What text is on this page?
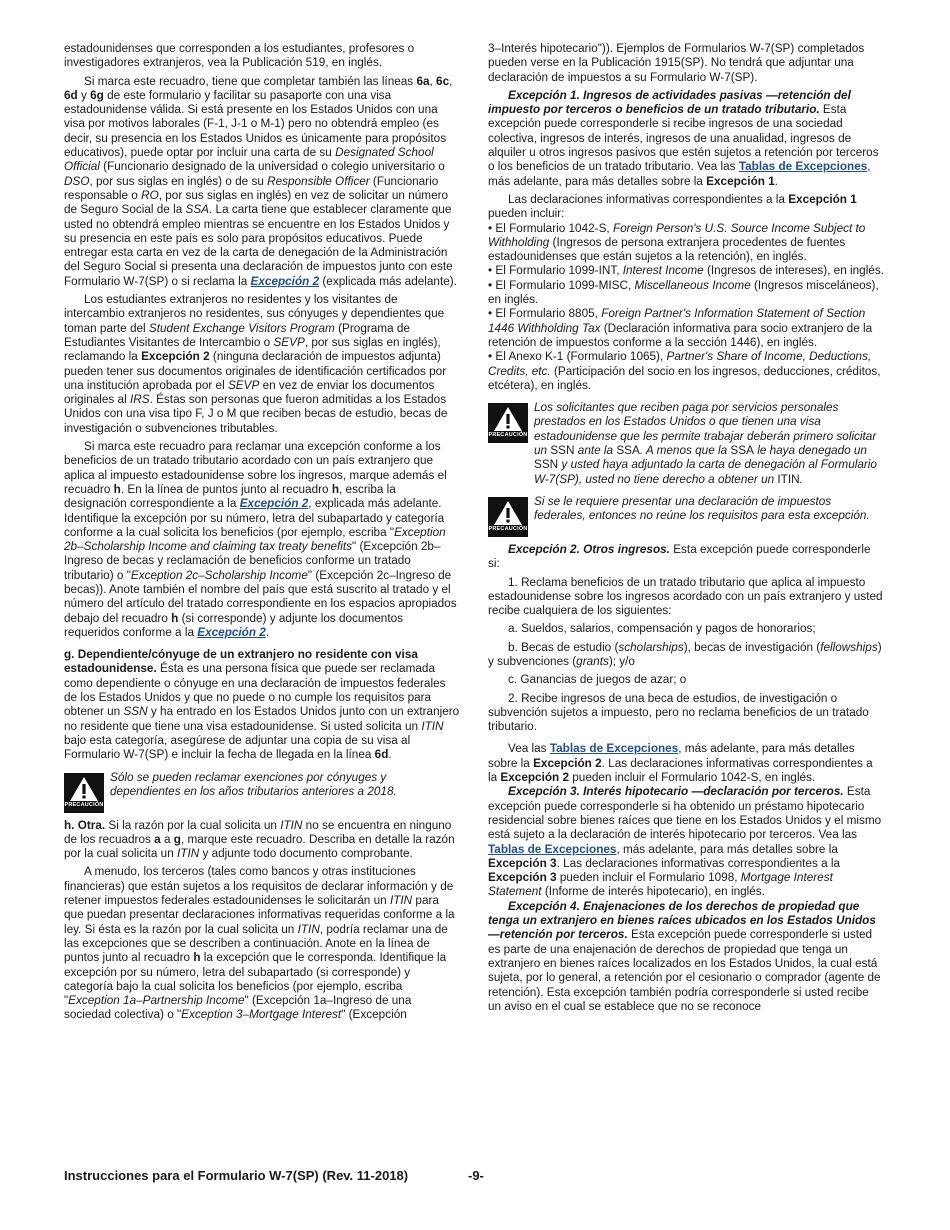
estadounidenses que corresponden a los estudiantes, profesores o investigadores extranjeros, vea la Publicación 519, en inglés.

Si marca este recuadro, tiene que completar también las líneas 6a, 6c, 6d y 6g de este formulario y facilitar su pasaporte con una visa estadounidense válida. Si está presente en los Estados Unidos con una visa por motivos laborales (F-1, J-1 o M-1) pero no obtendrá empleo (es decir, su presencia en los Estados Unidos es únicamente para propósitos educativos), puede optar por incluir una carta de su Designated School Official (Funcionario designado de la universidad o colegio universitario o DSO, por sus siglas en inglés) o de su Responsible Officer (Funcionario responsable o RO, por sus siglas en inglés) en vez de solicitar un número de Seguro Social de la SSA. La carta tiene que establecer claramente que usted no obtendrá empleo mientras se encuentre en los Estados Unidos y su presencia en este país es solo para propósitos educativos. Puede entregar esta carta en vez de la carta de denegación de la Administración del Seguro Social si presenta una declaración de impuestos junto con este Formulario W-7(SP) o si reclama la Excepción 2 (explicada más adelante).

Los estudiantes extranjeros no residentes y los visitantes de intercambio extranjeros no residentes, sus cónyuges y dependientes que toman parte del Student Exchange Visitors Program (Programa de Estudiantes Visitantes de Intercambio o SEVP, por sus siglas en inglés), reclamando la Excepción 2 (ninguna declaración de impuestos adjunta) pueden tener sus documentos originales de identificación certificados por una institución aprobada por el SEVP en vez de enviar los documentos originales al IRS. Éstas son personas que fueron admitidas a los Estados Unidos con una visa tipo F, J o M que reciben becas de estudio, becas de investigación o subvenciones tributables.

Si marca este recuadro para reclamar una excepción conforme a los beneficios de un tratado tributario acordado con un país extranjero que aplica al impuesto estadounidense sobre los ingresos, marque además el recuadro h. En la línea de puntos junto al recuadro h, escriba la designación correspondiente a la Excepción 2, explicada más adelante. Identifique la excepción por su número, letra del subapartado y categoría conforme a la cual solicita los beneficios (por ejemplo, escriba "Exception 2b–Scholarship Income and claiming tax treaty benefits" (Excepción 2b–Ingreso de becas y reclamación de beneficios conforme un tratado tributario) o "Exception 2c–Scholarship Income" (Excepción 2c–Ingreso de becas)). Anote también el nombre del país que está suscrito al tratado y el número del artículo del tratado correspondiente en los espacios apropiados debajo del recuadro h (si corresponde) y adjunte los documentos requeridos conforme a la Excepción 2.

g. Dependiente/cónyuge de un extranjero no residente con visa estadounidense. Ésta es una persona física que puede ser reclamada como dependiente o cónyuge en una declaración de impuestos federales de los Estados Unidos y que no puede o no cumple los requisitos para obtener un SSN y ha entrado en los Estados Unidos junto con un extranjero no residente que tiene una visa estadounidense. Si usted solicita un ITIN bajo esta categoría, asegúrese de adjuntar una copia de su visa al Formulario W-7(SP) e incluir la fecha de llegada en la línea 6d.

PRECAUCIÓN

Sólo se pueden reclamar exenciones por cónyuges y dependientes en los años tributarios anteriores a 2018.

h. Otra. Si la razón por la cual solicita un ITIN no se encuentra en ninguno de los recuadros a a g, marque este recuadro. Describa en detalle la razón por la cual solicita un ITIN y adjunte todo documento comprobante.

A menudo, los terceros (tales como bancos y otras instituciones financieras) que están sujetos a los requisitos de declarar información y de retener impuestos federales estadounidenses le solicitarán un ITIN para que puedan presentar declaraciones informativas requeridas conforme a la ley. Si ésta es la razón por la cual solicita un ITIN, podría reclamar una de las excepciones que se describen a continuación. Anote en la línea de puntos junto al recuadro h la excepción que le corresponda. Identifique la excepción por su número, letra del subapartado (si corresponde) y categoría bajo la cual solicita los beneficios (por ejemplo, escriba "Exception 1a–Partnership Income" (Excepción 1a–Ingreso de una sociedad colectiva) o "Exception 3–Mortgage Interest" (Excepción

3–Interés hipotecario")). Ejemplos de Formularios W-7(SP) completados pueden verse en la Publicación 1915(SP). No tendrá que adjuntar una declaración de impuestos a su Formulario W-7(SP).

Excepción 1. Ingresos de actividades pasivas —retención del impuesto por terceros o beneficios de un tratado tributario. Esta excepción puede corresponderle si recibe ingresos de una sociedad colectiva, ingresos de interés, ingresos de una anualidad, ingresos de alquiler u otros ingresos pasivos que estén sujetos a retención por terceros o los beneficios de un tratado tributario. Vea las Tablas de Excepciones, más adelante, para más detalles sobre la Excepción 1.

Las declaraciones informativas correspondientes a la Excepción 1 pueden incluir:

• El Formulario 1042-S, Foreign Person's U.S. Source Income Subject to Withholding (Ingresos de persona extranjera procedentes de fuentes estadounidenses que están sujetos a la retención), en inglés.

• El Formulario 1099-INT, Interest Income (Ingresos de intereses), en inglés.

• El Formulario 1099-MISC, Miscellaneous Income (Ingresos misceláneos), en inglés.

• El Formulario 8805, Foreign Partner's Information Statement of Section 1446 Withholding Tax (Declaración informativa para socio extranjero de la retención de impuestos conforme a la sección 1446), en inglés.

• El Anexo K-1 (Formulario 1065), Partner's Share of Income, Deductions, Credits, etc. (Participación del socio en los ingresos, deducciones, créditos, etcétera), en inglés.

PRECAUCIÓN

Los solicitantes que reciben paga por servicios personales prestados en los Estados Unidos o que tienen una visa estadounidense que les permite trabajar deberán primero solicitar un SSN ante la SSA. A menos que la SSA le haya denegado un SSN y usted haya adjuntado la carta de denegación al Formulario W-7(SP), usted no tiene derecho a obtener un ITIN.

PRECAUCIÓN

Si se le requiere presentar una declaración de impuestos federales, entonces no reúne los requisitos para esta excepción.

Excepción 2. Otros ingresos. Esta excepción puede corresponderle si:

1. Reclama beneficios de un tratado tributario que aplica al impuesto estadounidense sobre los ingresos acordado con un país extranjero y usted recibe cualquiera de los siguientes:

a. Sueldos, salarios, compensación y pagos de honorarios;

b. Becas de estudio (scholarships), becas de investigación (fellowships) y subvenciones (grants); y/o

c. Ganancias de juegos de azar; o

2. Recibe ingresos de una beca de estudios, de investigación o subvención sujetos a impuesto, pero no reclama beneficios de un tratado tributario.

Vea las Tablas de Excepciones, más adelante, para más detalles sobre la Excepción 2. Las declaraciones informativas correspondientes a la Excepción 2 pueden incluir el Formulario 1042-S, en inglés.

Excepción 3. Interés hipotecario —declaración por terceros. Esta excepción puede corresponderle si ha obtenido un préstamo hipotecario residencial sobre bienes raíces que tiene en los Estados Unidos y el mismo está sujeto a la declaración de interés hipotecario por terceros. Vea las Tablas de Excepciones, más adelante, para más detalles sobre la Excepción 3. Las declaraciones informativas correspondientes a la Excepción 3 pueden incluir el Formulario 1098, Mortgage Interest Statement (Informe de interés hipotecario), en inglés.

Excepción 4. Enajenaciones de los derechos de propiedad que tenga un extranjero en bienes raíces ubicados en los Estados Unidos —retención por terceros. Esta excepción puede corresponderle si usted es parte de una enajenación de derechos de propiedad que tenga un extranjero en bienes raíces localizados en los Estados Unidos, la cual está sujeta, por lo general, a retención por el cesionario o comprador (agente de retención). Esta excepción también podría corresponderle si usted recibe un aviso en el cual se establece que no se reconoce

Instrucciones para el Formulario W-7(SP) (Rev. 11-2018)	-9-
